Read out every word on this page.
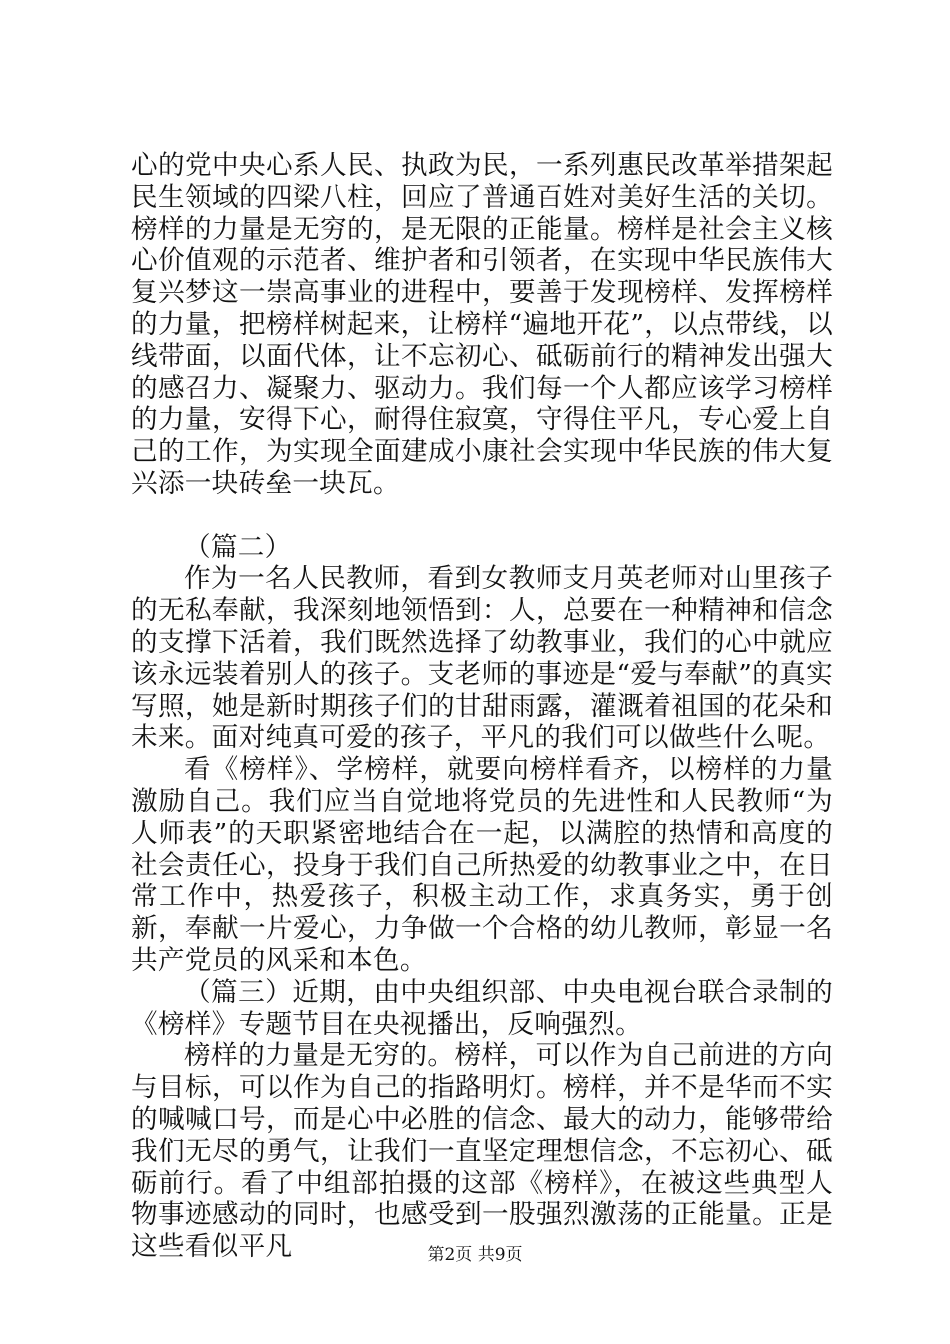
心的党中央心系人民、执政为民，一系列惠民改革举措架起民生领域的四梁八柱，回应了普通百姓对美好生活的关切。榜样的力量是无穷的，是无限的正能量。榜样是社会主义核心价值观的示范者、维护者和引领者，在实现中华民族伟大复兴梦这一崇高事业的进程中，要善于发现榜样、发挥榜样的力量，把榜样树起来，让榜样“遍地开花”，以点带线，以线带面，以面代体，让不忘初心、砥砺前行的精神发出强大的感召力、凝聚力、驱动力。我们每一个人都应该学习榜样的力量，安得下心，耐得住寂寞，守得住平凡，专心爱上自己的工作，为实现全面建成小康社会实现中华民族的伟大复兴添一块砖垒一块瓦。

（篇二）

作为一名人民教师，看到女教师支月英老师对山里孩子的无私奉献，我深刻地领悟到：人，总要在一种精神和信念的支撑下活着，我们既然选择了幼教事业，我们的心中就应该永远装着别人的孩子。支老师的事迹是“爱与奉献”的真实写照，她是新时期孩子们的甘甜雨露，灌溉着祖国的花朵和未来。面对纯真可爱的孩子，平凡的我们可以做些什么呢。

看《榜样》、学榜样，就要向榜样看齐，以榜样的力量激励自己。我们应当自觉地将党员的先进性和人民教师“为人师表”的天职紧密地结合在一起，以满腔的热情和高度的社会责任心，投身于我们自己所热爱的幼教事业之中，在日常工作中，热爱孩子，积极主动工作，求真务实，勇于创新，奉献一片爱心，力争做一个合格的幼儿教师，彰显一名共产党员的风采和本色。

（篇三）近期，由中央组织部、中央电视台联合录制的《榜样》专题节目在央视播出，反响强烈。

榜样的力量是无穷的。榜样，可以作为自己前进的方向与目标，可以作为自己的指路明灯。榜样，并不是华而不实的喊喊口号，而是心中必胜的信念、最大的动力，能够带给我们无尽的勇气，让我们一直坚定理想信念，不忘初心、砥砺前行。看了中组部拍摄的这部《榜样》，在被这些典型人物事迹感动的同时，也感受到一股强烈激荡的正能量。正是这些看似平凡	第2页 共9页
